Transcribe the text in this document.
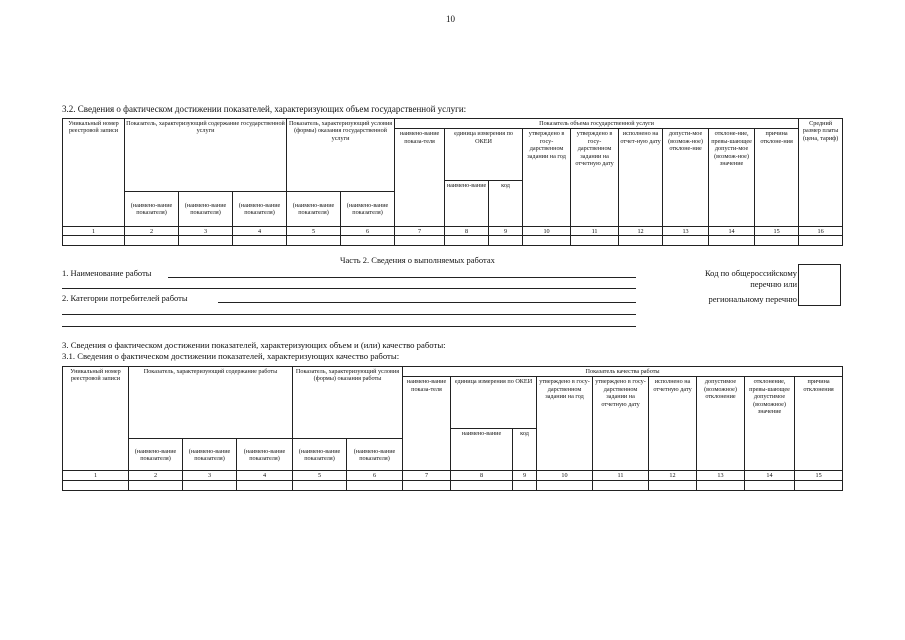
10
3.2. Сведения о фактическом достижении показателей, характеризующих объем государственной услуги:
Уникальный номер реестровой записи	Показатель, характеризующий содержание государственной услуги			Показатель, характеризующий условия (формы) оказания государственной услуги		Показатель объема государственной услуги									Средний размер платы (цена, тариф)
						наимено-вание показа-теля	единица измерения по ОКЕИ		утверждено в госу-дарственном задании на год	утверждено в госу-дарственном задании на отчетную дату	исполнено на отчет-ную дату	допусти-мое (возмож-ное) отклоне-ние	отклоне-ние, превы-шающее допусти-мое (возмож-ное) значение	причина отклоне-ния	
							наимено-вание	код							
	(наимено-вание показателя)	(наимено-вание показателя)	(наимено-вание показателя)	(наимено-вание показателя)	(наимено-вание показателя)										
1	2	3	4	5	6	7	8	9	10	11	12	13	14	15	16

Часть 2. Сведения о выполняемых работах
1. Наименование работы
2. Категории потребителей работы
Код по общероссийскому
перечню или
региональному перечню
3. Сведения о фактическом достижении показателей, характеризующих объем и (или) качество работы:
3.1. Сведения о фактическом достижении показателей, характеризующих качество работы:
Уникальный номер реестровой записи	Показатель, характеризующий содержание работы			Показатель, характеризующий условия (формы) оказания работы		Показатель качества работы								
						наимено-вание показа-теля	единица измерения по ОКЕИ		утверждено в госу-дарственном задании на год	утверждено в госу-дарственном задании на отчетную дату	исполнено на отчетную дату	допустимое (возможное) отклонение	отклонение, превы-шающее допустимое (возможное) значение	причина отклонения
							наимено-вание	код						
	(наимено-вание показателя)	(наимено-вание показателя)	(наимено-вание показателя)	(наимено-вание показателя)	(наимено-вание показателя)									
1	2	3	4	5	6	7	8	9	10	11	12	13	14	15
